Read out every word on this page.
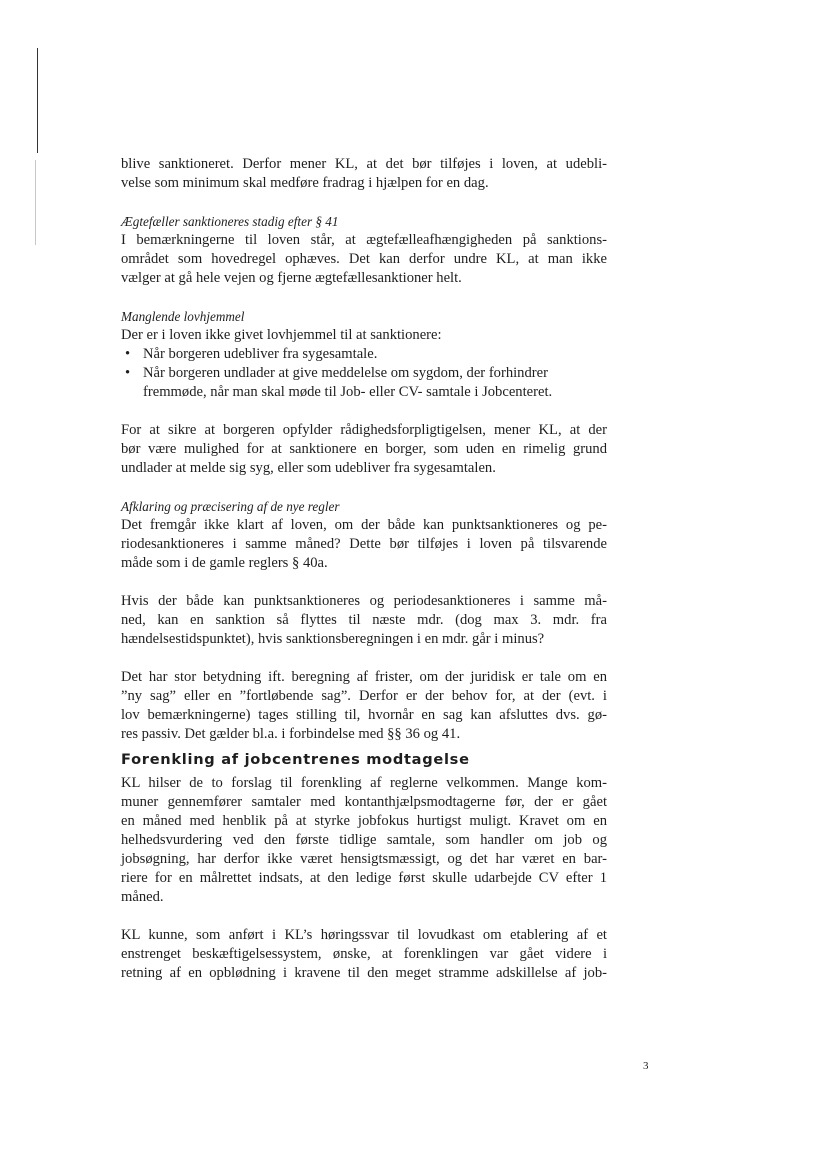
blive sanktioneret. Derfor mener KL, at det bør tilføjes i loven, at udebli-
velse som minimum skal medføre fradrag i hjælpen for en dag.
Ægtefæller sanktioneres stadig efter § 41
I bemærkningerne til loven står, at ægtefælleafhængigheden på sanktions-
området som hovedregel ophæves. Det kan derfor undre KL, at man ikke
vælger at gå hele vejen og fjerne ægtefællesanktioner helt.
Manglende lovhjemmel
Der er i loven ikke givet lovhjemmel til at sanktionere:
• Når borgeren udebliver fra sygesamtale.
• Når borgeren undlader at give meddelelse om sygdom, der forhindrer
fremmøde, når man skal møde til Job- eller CV- samtale i Jobcenteret.
For at sikre at borgeren opfylder rådighedsforpligtigelsen, mener KL, at der
bør være mulighed for at sanktionere en borger, som uden en rimelig grund
undlader at melde sig syg, eller som udebliver fra sygesamtalen.
Afklaring og præcisering af de nye regler
Det fremgår ikke klart af loven, om der både kan punktsanktioneres og pe-
riodesanktioneres i samme måned? Dette bør tilføjes i loven på tilsvarende
måde som i de gamle reglers § 40a.
Hvis der både kan punktsanktioneres og periodesanktioneres i samme må-
ned, kan en sanktion så flyttes til næste mdr. (dog max 3. mdr. fra
hændelsestidspunktet), hvis sanktionsberegningen i en mdr. går i minus?
Det har stor betydning ift. beregning af frister, om der juridisk er tale om en
”ny sag” eller en ”fortløbende sag”. Derfor er der behov for, at der (evt. i
lov bemærkningerne) tages stilling til, hvornår en sag kan afsluttes dvs. gø-
res passiv. Det gælder bl.a. i forbindelse med §§ 36 og 41.
Forenkling af jobcentrenes modtagelse
KL hilser de to forslag til forenkling af reglerne velkommen. Mange kom-
muner gennemfører samtaler med kontanthjælpsmodtagerne før, der er gået
en måned med henblik på at styrke jobfokus hurtigst muligt. Kravet om en
helhedsvurdering ved den første tidlige samtale, som handler om job og
jobsøgning, har derfor ikke været hensigtsmæssigt, og det har været en bar-
riere for en målrettet indsats, at den ledige først skulle udarbejde CV efter 1
måned.
KL kunne, som anført i KL’s høringssvar til lovudkast om etablering af et
enstrenget beskæftigelsessystem, ønske, at forenklingen var gået videre i
retning af en opblødning i kravene til den meget stramme adskillelse af job-
3
